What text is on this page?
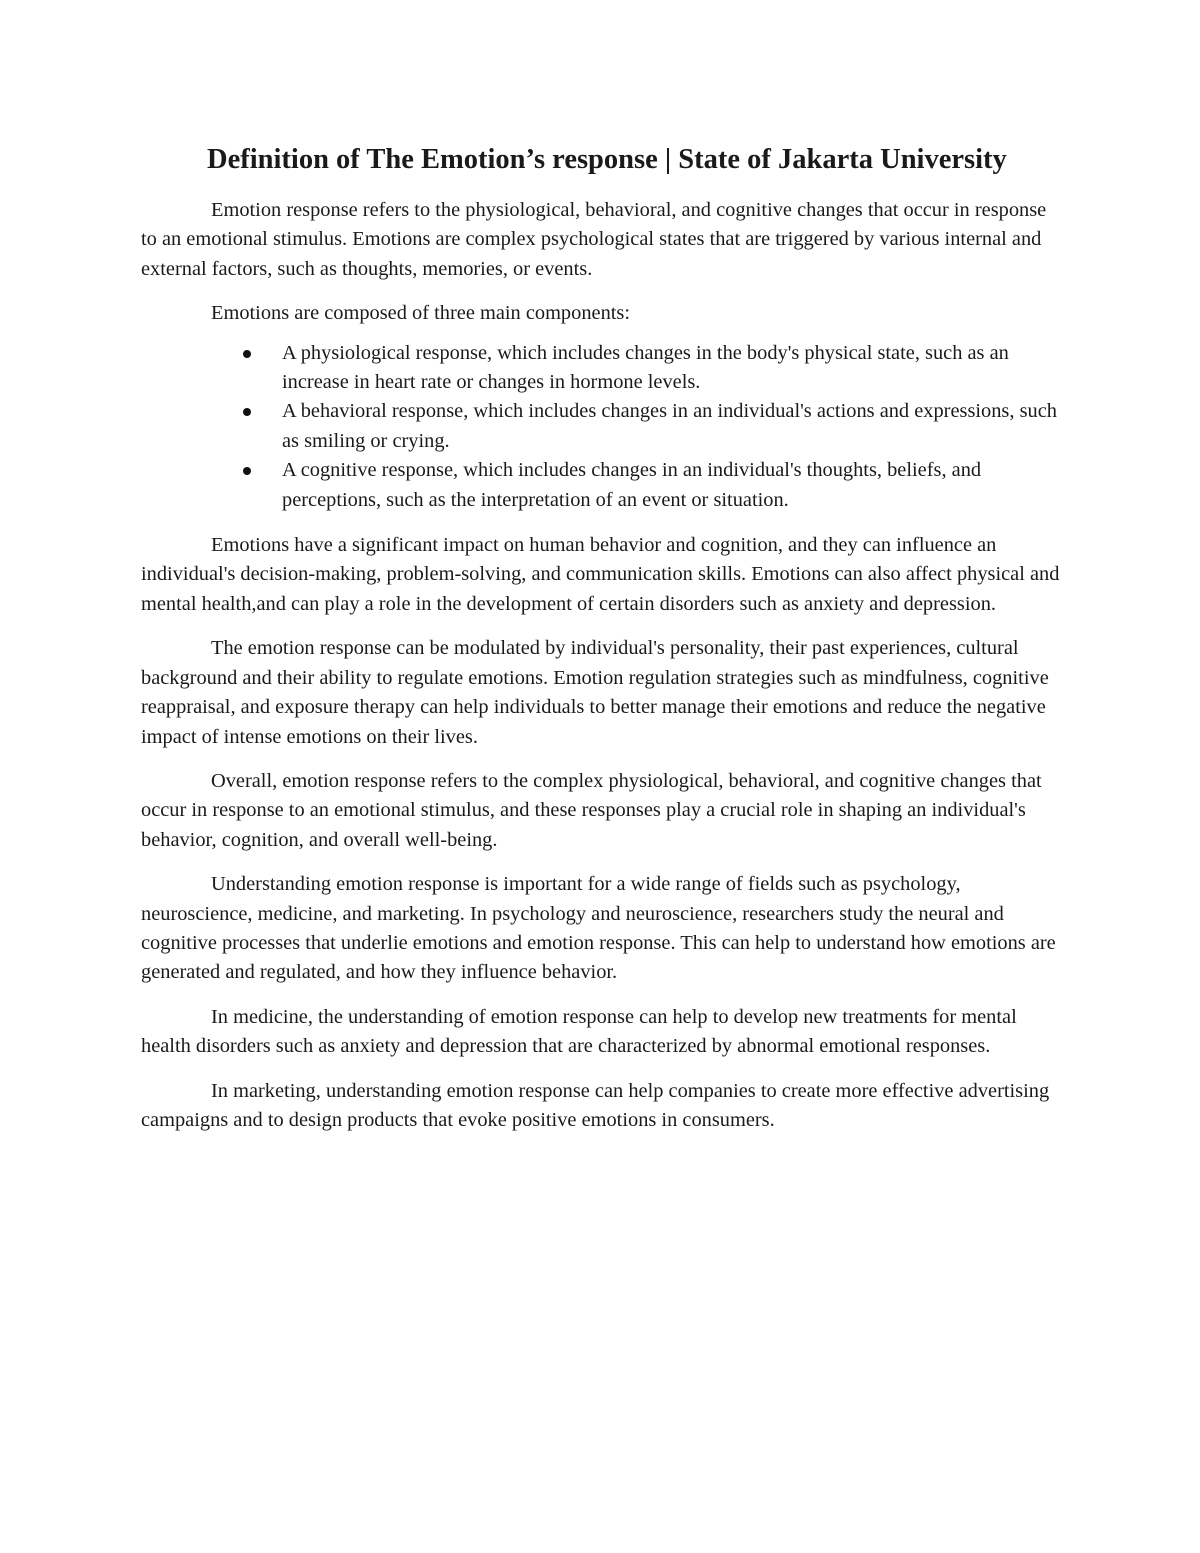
Definition of The Emotion’s response | State of Jakarta University

Emotion response refers to the physiological, behavioral, and cognitive changes that occur in response to an emotional stimulus. Emotions are complex psychological states that are triggered by various internal and external factors, such as thoughts, memories, or events.

Emotions are composed of three main components:

A physiological response, which includes changes in the body's physical state, such as an increase in heart rate or changes in hormone levels.
A behavioral response, which includes changes in an individual's actions and expressions, such as smiling or crying.
A cognitive response, which includes changes in an individual's thoughts, beliefs, and perceptions, such as the interpretation of an event or situation.

Emotions have a significant impact on human behavior and cognition, and they can influence an individual's decision-making, problem-solving, and communication skills. Emotions can also affect physical and mental health,and can play a role in the development of certain disorders such as anxiety and depression.

The emotion response can be modulated by individual's personality, their past experiences, cultural background and their ability to regulate emotions. Emotion regulation strategies such as mindfulness, cognitive reappraisal, and exposure therapy can help individuals to better manage their emotions and reduce the negative impact of intense emotions on their lives.

Overall, emotion response refers to the complex physiological, behavioral, and cognitive changes that occur in response to an emotional stimulus, and these responses play a crucial role in shaping an individual's behavior, cognition, and overall well-being.

Understanding emotion response is important for a wide range of fields such as psychology, neuroscience, medicine, and marketing. In psychology and neuroscience, researchers study the neural and cognitive processes that underlie emotions and emotion response. This can help to understand how emotions are generated and regulated, and how they influence behavior.

In medicine, the understanding of emotion response can help to develop new treatments for mental health disorders such as anxiety and depression that are characterized by abnormal emotional responses.

In marketing, understanding emotion response can help companies to create more effective advertising campaigns and to design products that evoke positive emotions in consumers.
